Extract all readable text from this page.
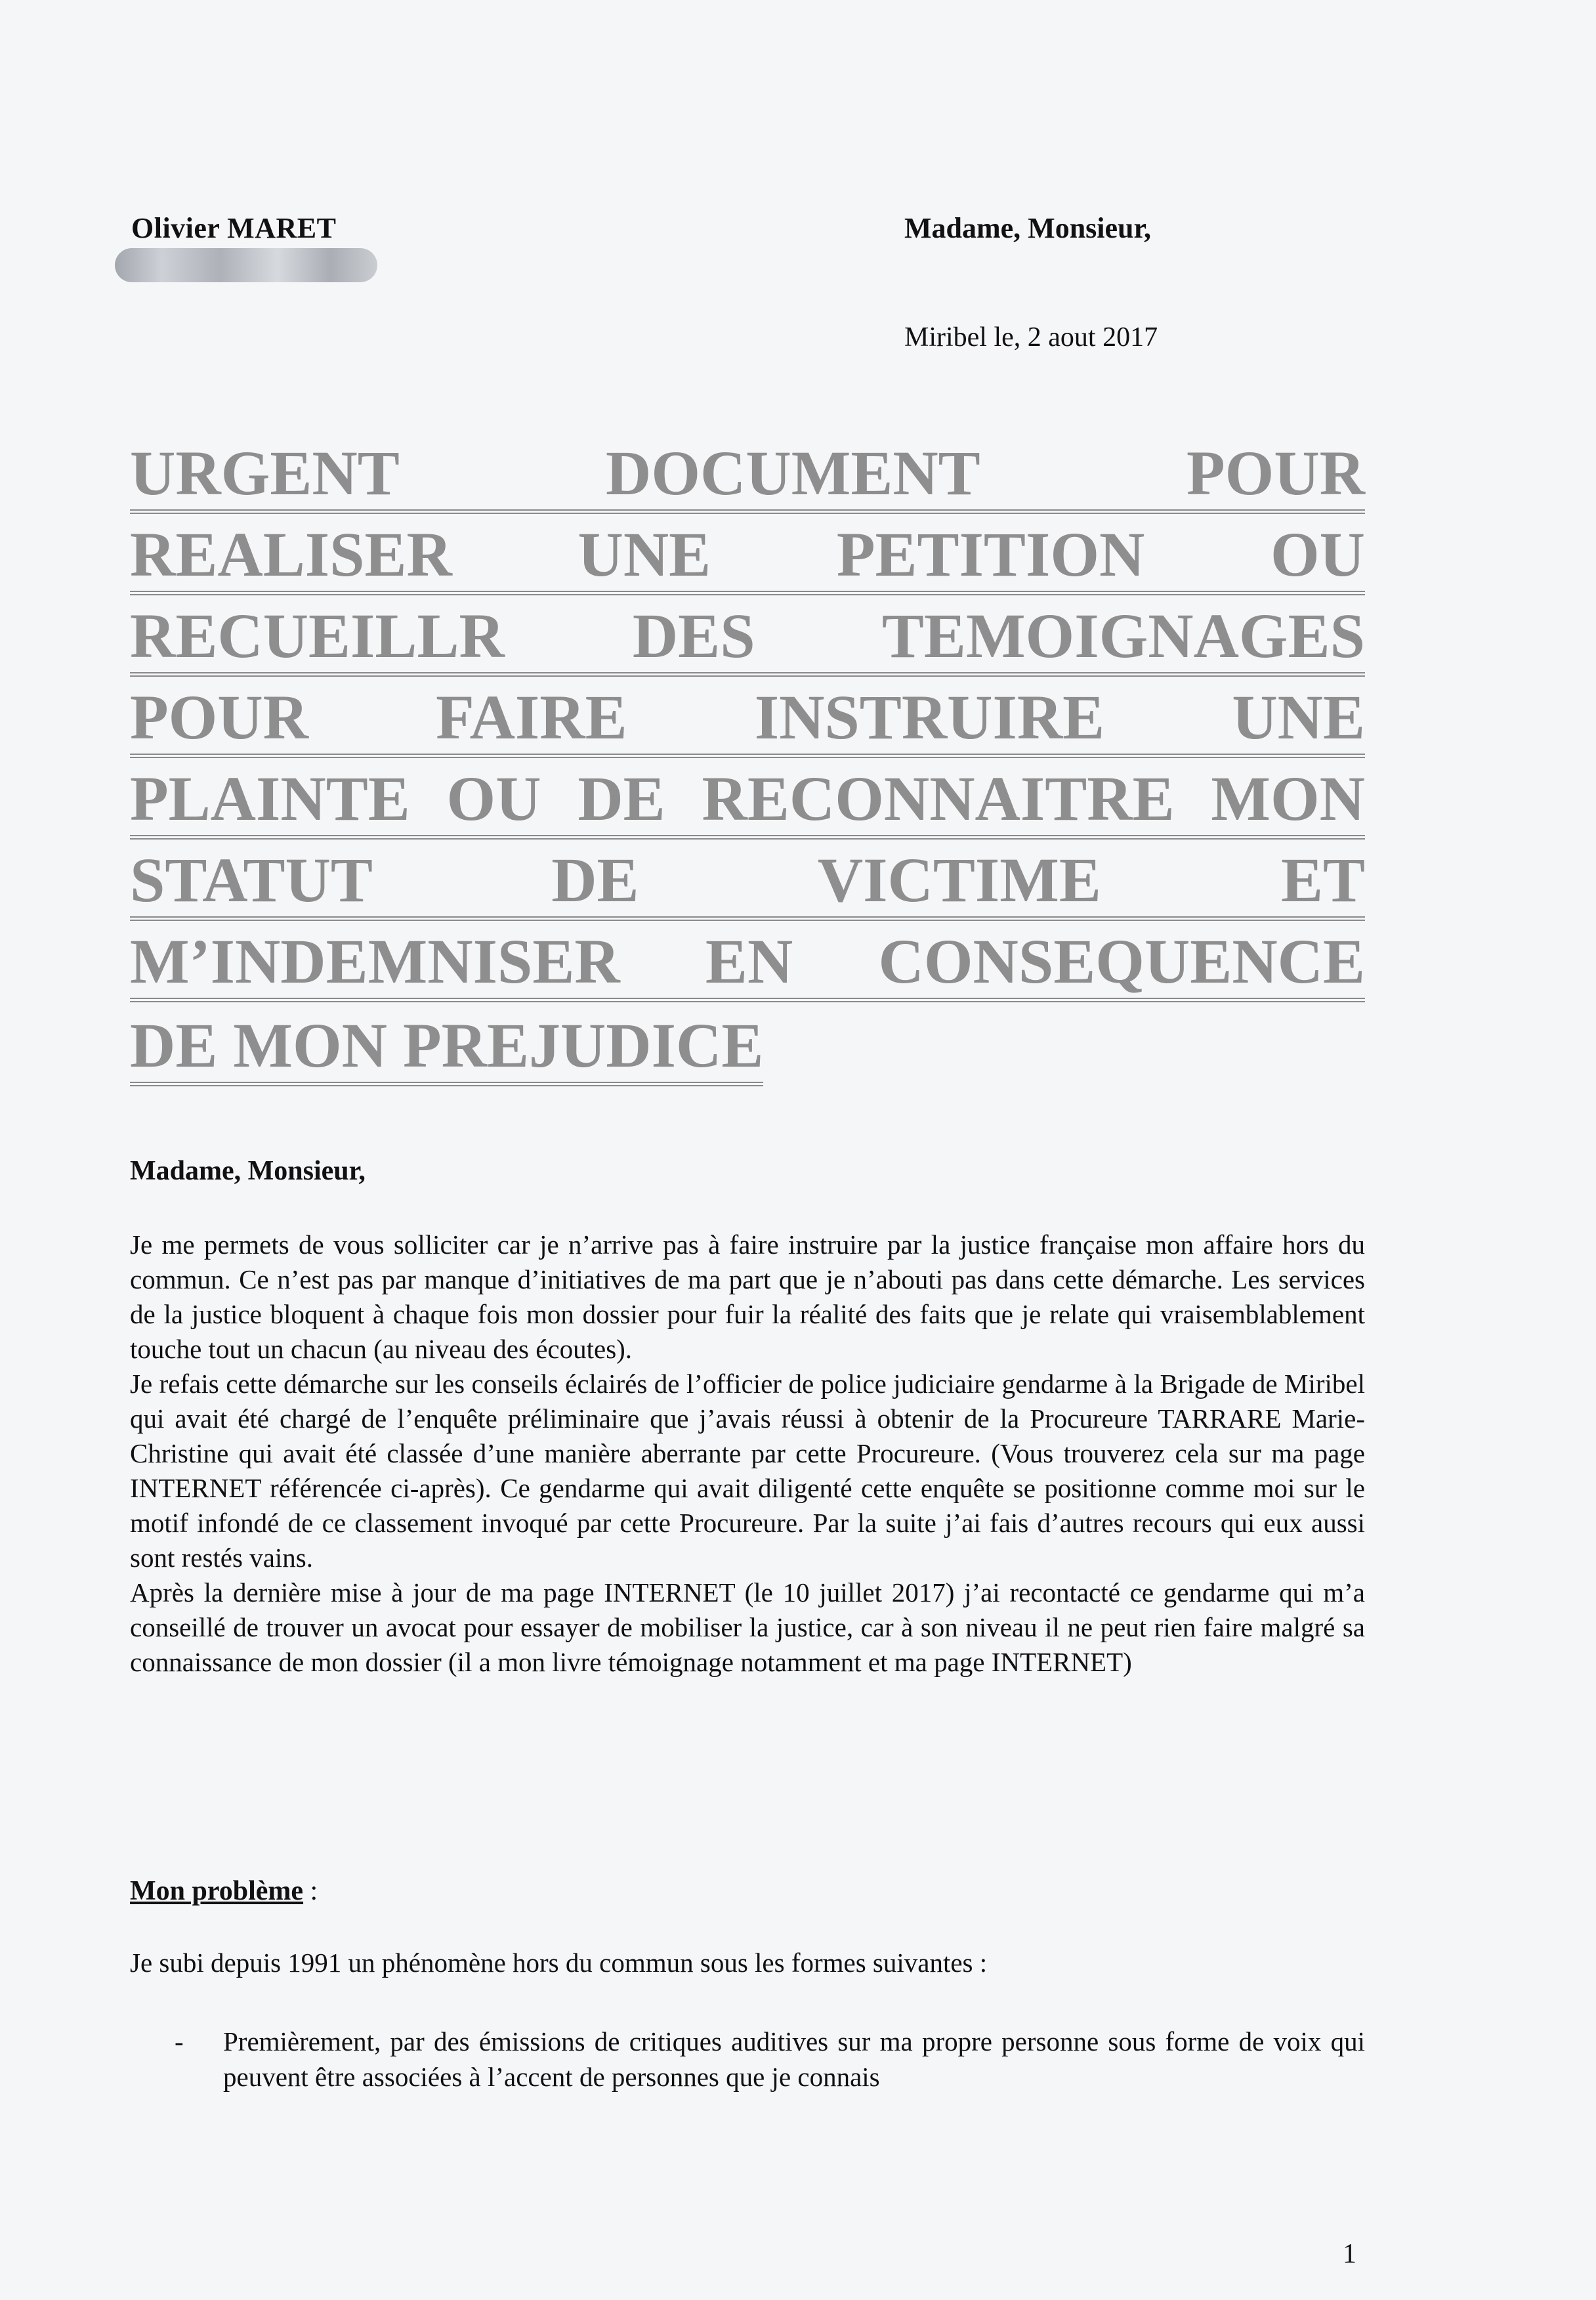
Olivier MARET	Madame, Monsieur,
Miribel le, 2 aout 2017
URGENT DOCUMENT POUR
REALISER UNE PETITION OU
RECUEILLR DES TEMOIGNAGES
POUR FAIRE INSTRUIRE UNE
PLAINTE OU DE RECONNAITRE MON
STATUT DE VICTIME ET
M’INDEMNISER EN CONSEQUENCE
DE MON PREJUDICE
Madame, Monsieur,

Je me permets de vous solliciter car je n’arrive pas à faire instruire par la justice française mon affaire hors du commun. Ce n’est pas par manque d’initiatives de ma part que je n’abouti pas dans cette démarche. Les services de la justice bloquent à chaque fois mon dossier pour fuir la réalité des faits que je relate qui vraisemblablement touche tout un chacun (au niveau des écoutes).

Je refais cette démarche sur les conseils éclairés de l’officier de police judiciaire gendarme à la Brigade de Miribel qui avait été chargé de l’enquête préliminaire que j’avais réussi à obtenir de la Procureure TARRARE Marie-Christine qui avait été classée d’une manière aberrante par cette Procureure. (Vous trouverez cela sur ma page INTERNET référencée ci-après). Ce gendarme qui avait diligenté cette enquête se positionne comme moi sur le motif infondé de ce classement invoqué par cette Procureure. Par la suite j’ai fais d’autres recours qui eux aussi sont restés vains.

Après la dernière mise à jour de ma page INTERNET (le 10 juillet 2017) j’ai recontacté ce gendarme qui m’a conseillé de trouver un avocat pour essayer de mobiliser la justice, car à son niveau il ne peut rien faire malgré sa connaissance de mon dossier (il a mon livre témoignage notamment et ma page INTERNET)

Mon problème :
Je subi depuis 1991 un phénomène hors du commun sous les formes suivantes :
- Premièrement, par des émissions de critiques auditives sur ma propre personne sous forme de voix qui peuvent être associées à l’accent de personnes que je connais
1
